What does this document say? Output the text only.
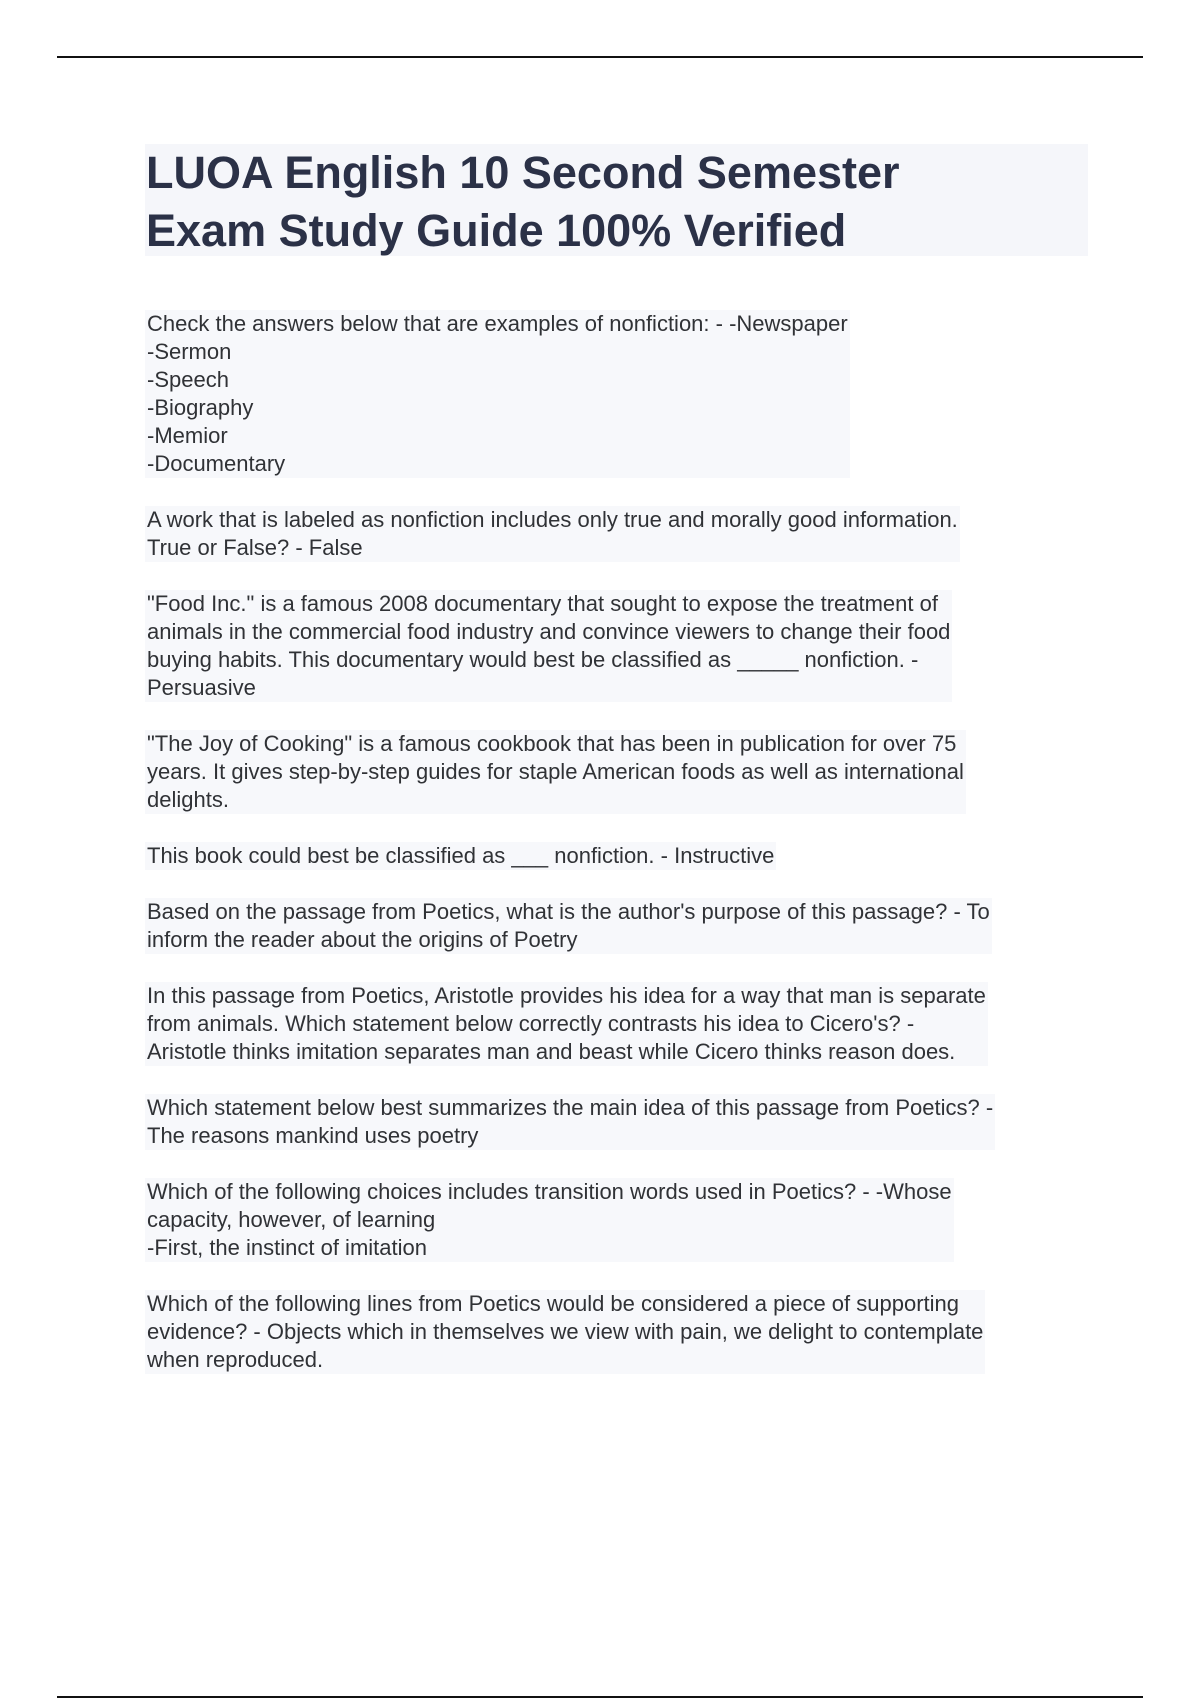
LUOA English 10 Second Semester
Exam Study Guide 100% Verified
Check the answers below that are examples of nonfiction: - -Newspaper
-Sermon
-Speech
-Biography
-Memior
-Documentary
A work that is labeled as nonfiction includes only true and morally good information.
True or False? - False
"Food Inc." is a famous 2008 documentary that sought to expose the treatment of
animals in the commercial food industry and convince viewers to change their food
buying habits. This documentary would best be classified as _____ nonfiction. -
Persuasive
"The Joy of Cooking" is a famous cookbook that has been in publication for over 75
years. It gives step-by-step guides for staple American foods as well as international
delights.
This book could best be classified as ___ nonfiction. - Instructive
Based on the passage from Poetics, what is the author's purpose of this passage? - To
inform the reader about the origins of Poetry
In this passage from Poetics, Aristotle provides his idea for a way that man is separate
from animals. Which statement below correctly contrasts his idea to Cicero's? -
Aristotle thinks imitation separates man and beast while Cicero thinks reason does.
Which statement below best summarizes the main idea of this passage from Poetics? -
The reasons mankind uses poetry
Which of the following choices includes transition words used in Poetics? - -Whose
capacity, however, of learning
-First, the instinct of imitation
Which of the following lines from Poetics would be considered a piece of supporting
evidence? - Objects which in themselves we view with pain, we delight to contemplate
when reproduced.
